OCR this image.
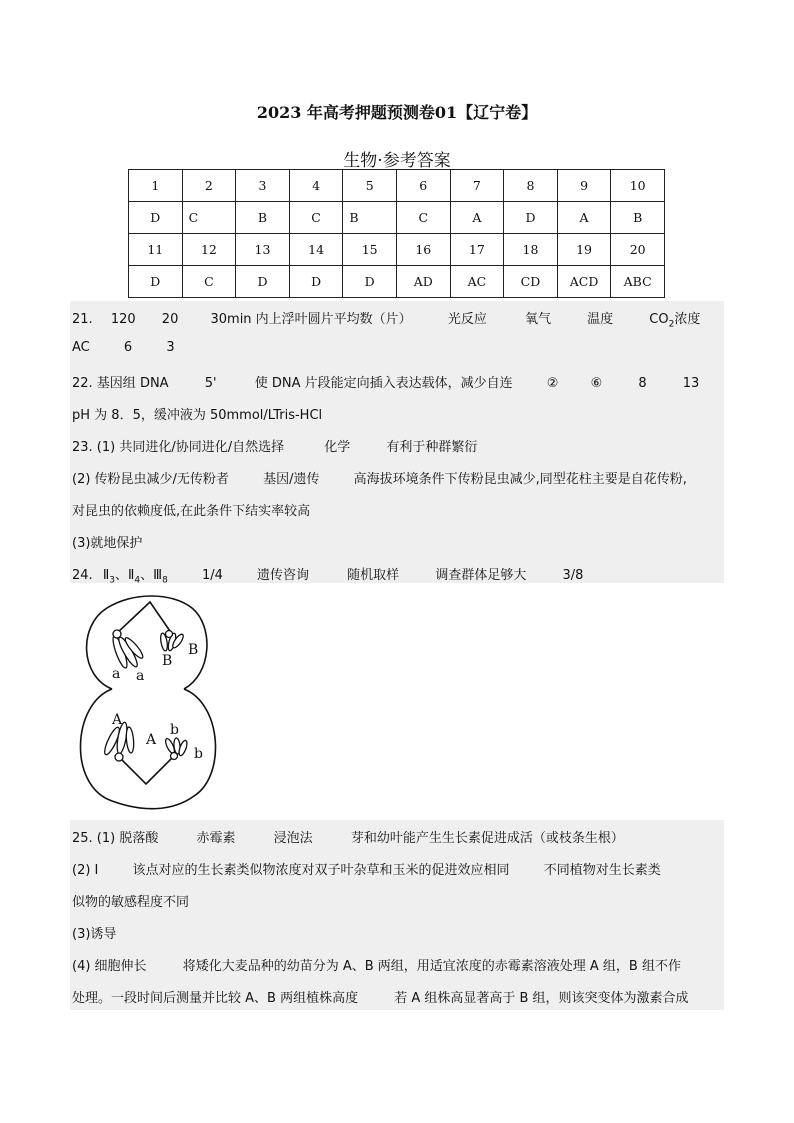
2023 年高考押题预测卷01【辽宁卷】
生物·参考答案
1	2	3	4	5	6	7	8	9	10
D	C	B	C	B	C	A	D	A	B
11	12	13	14	15	16	17	18	19	20
D	C	D	D	D	AD	AC	CD	ACD	ABC
21. 120 20 30min 内上浮叶圆片平均数（片）	光反应	氧气	温度	$CO_2$浓度
AC	6	3
22. 基因组 DNA	5'	使 DNA 片段能定向插入表达载体，减少自连	② ⑥	8	13
pH 为 8．5，缓冲液为 50mmol/LTris-HCl
23. (1) 共同进化/协同进化/自然选择	化学	有利于种群繁衍
(2) 传粉昆虫减少/无传粉者	基因/遗传	高海拔环境条件下传粉昆虫减少,同型花柱主要是自花传粉,
对昆虫的依赖度低,在此条件下结实率较高
(3)就地保护
24. $Ⅱ_3$、$Ⅱ_4$、$Ⅲ_8$	1/4	遗传咨询	随机取样	调查群体足够大	3/8
a a
B
B
A
A
b
b
25. (1) 脱落酸	赤霉素	浸泡法	芽和幼叶能产生生长素促进成活（或枝条生根）
(2) Ⅰ	该点对应的生长素类似物浓度对双子叶杂草和玉米的促进效应相同	不同植物对生长素类
似物的敏感程度不同
(3)诱导
(4) 细胞伸长	将矮化大麦品种的幼苗分为 A、B 两组，用适宜浓度的赤霉素溶液处理 A 组，B 组不作
处理。一段时间后测量并比较 A、B 两组植株高度	若 A 组株高显著高于 B 组，则该突变体为激素合成
